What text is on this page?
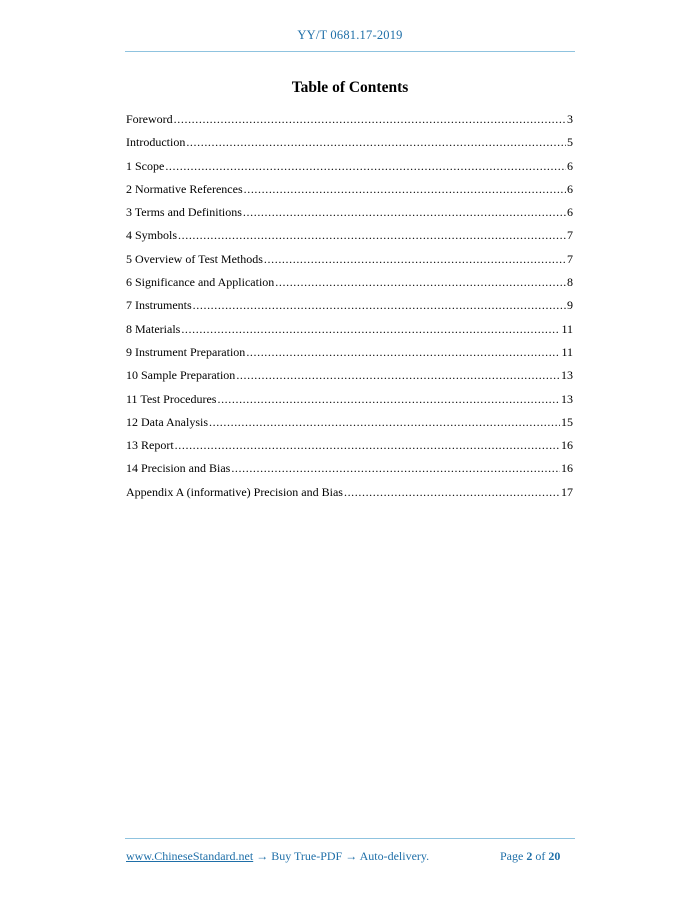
YY/T 0681.17-2019
Table of Contents
Foreword .....	3
Introduction .....	5
1 Scope .....	6
2 Normative References .....	6
3 Terms and Definitions .....	6
4 Symbols .....	7
5 Overview of Test Methods .....	7
6 Significance and Application .....	8
7 Instruments .....	9
8 Materials .....	11
9 Instrument Preparation .....	11
10 Sample Preparation .....	13
11 Test Procedures .....	13
12 Data Analysis .....	15
13 Report .....	16
14 Precision and Bias .....	16
Appendix A (informative) Precision and Bias .....	17
www.ChineseStandard.net → Buy True-PDF → Auto-delivery.	Page 2 of 20
